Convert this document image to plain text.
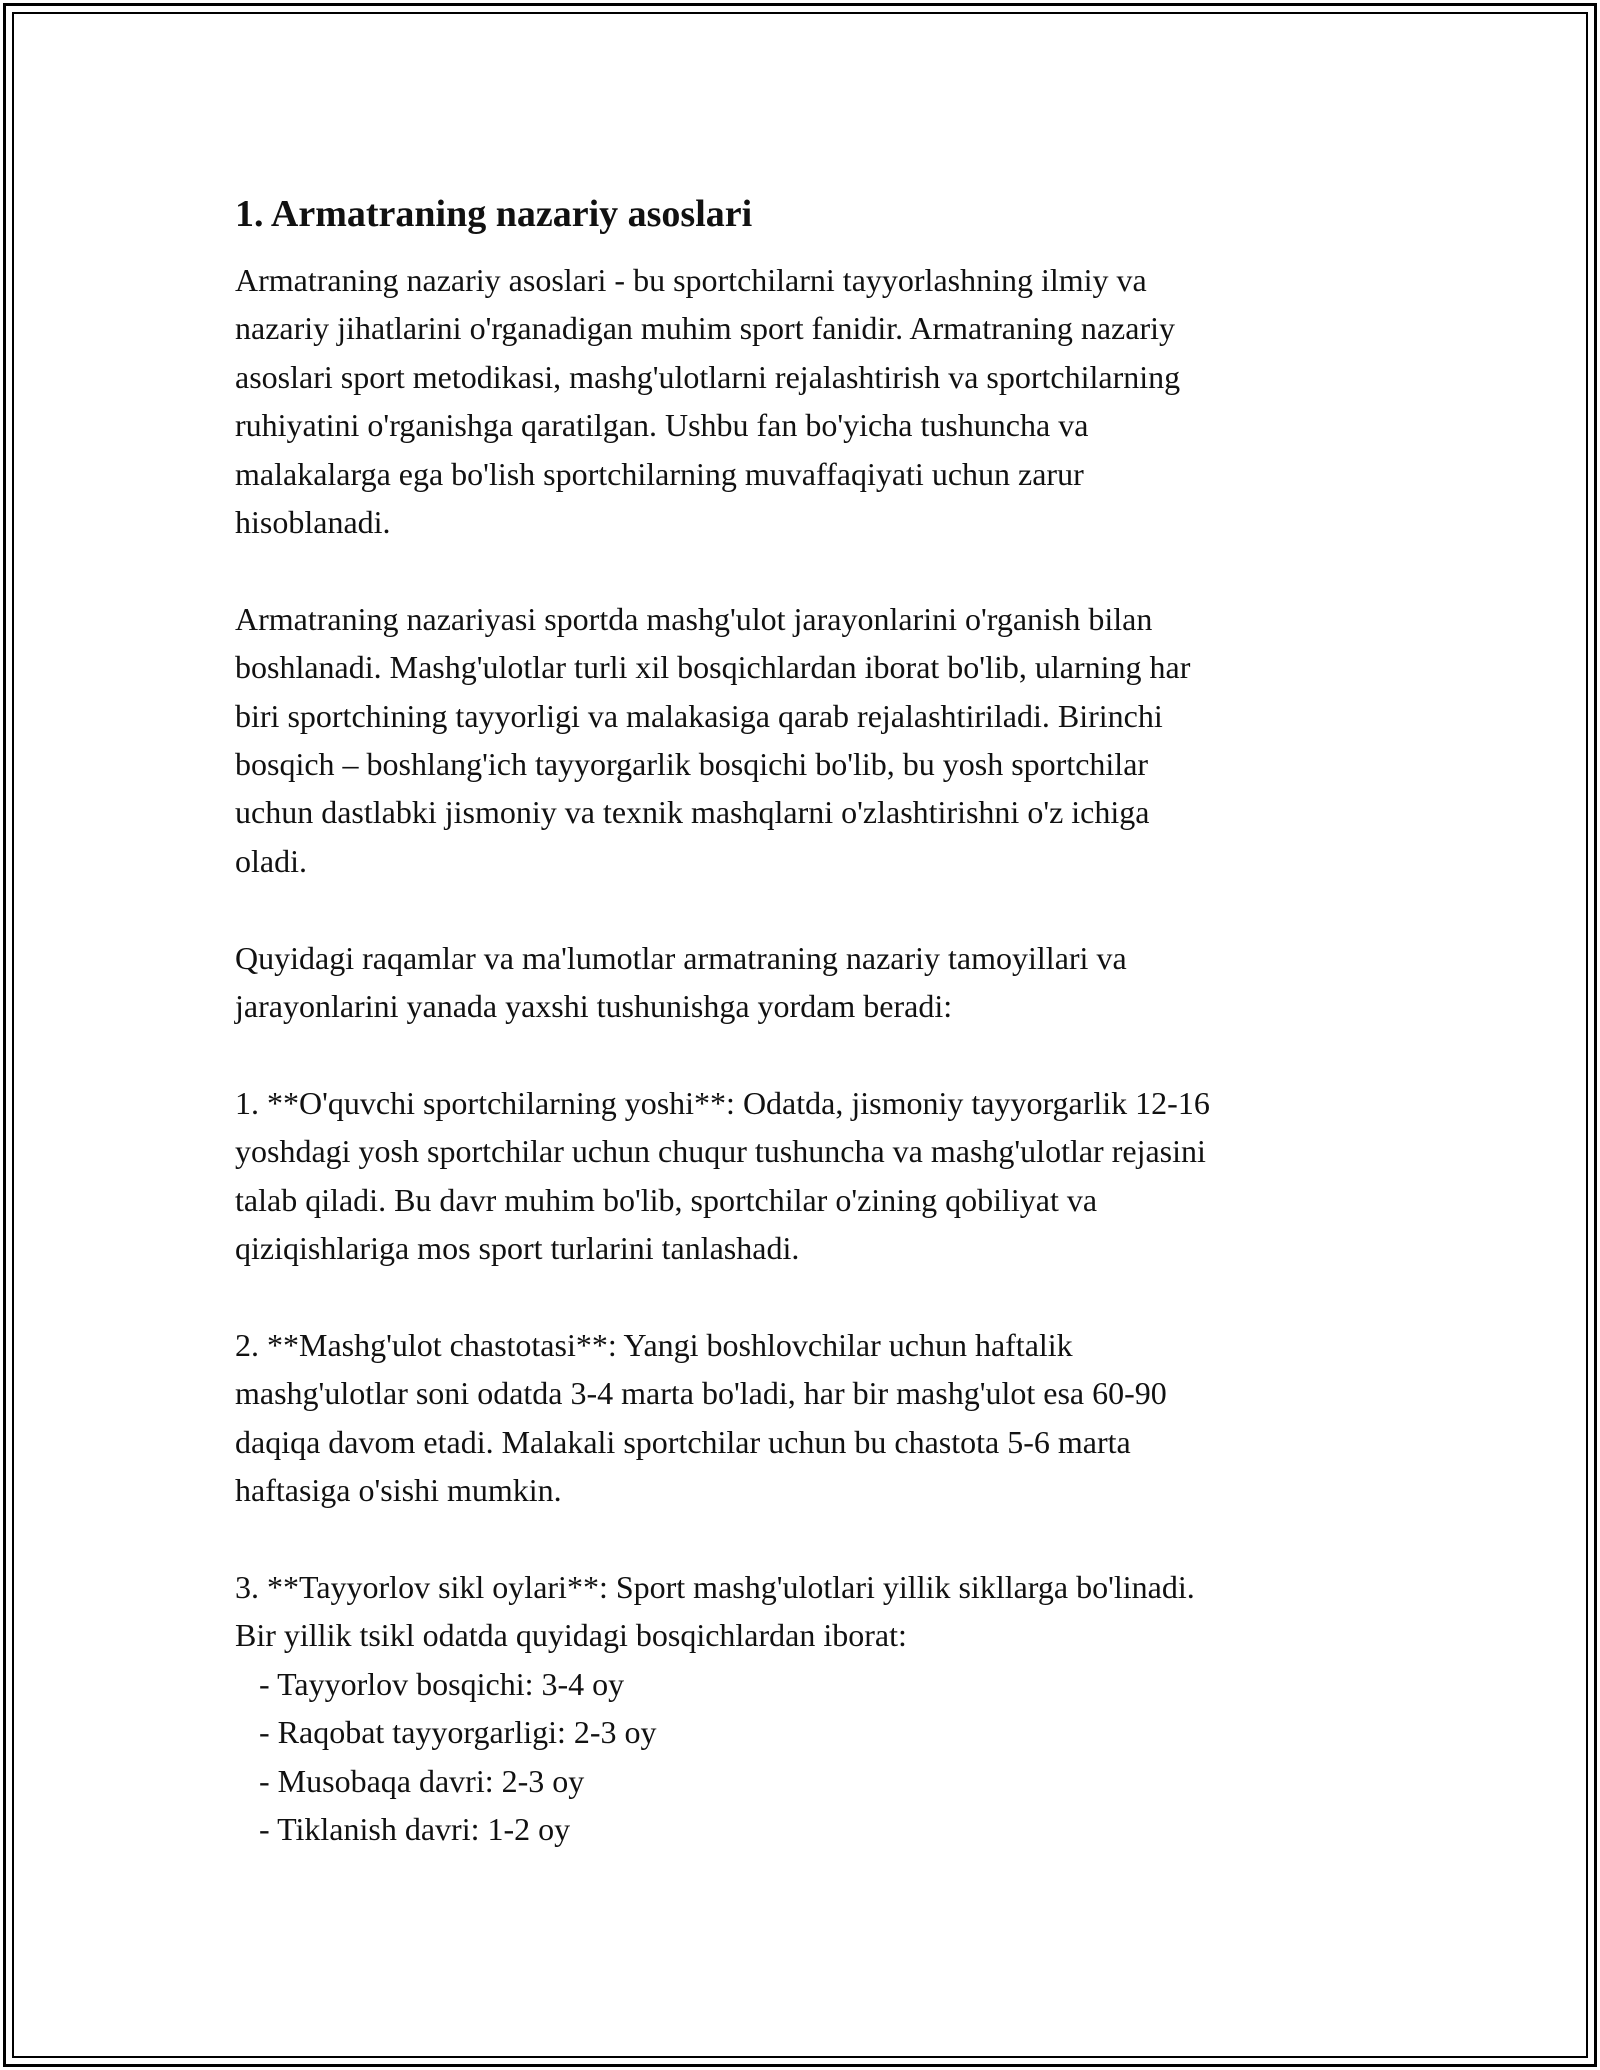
1. Armatraning nazariy asoslari

Armatraning nazariy asoslari - bu sportchilarni tayyorlashning ilmiy va
nazariy jihatlarini o'rganadigan muhim sport fanidir. Armatraning nazariy
asoslari sport metodikasi, mashg'ulotlarni rejalashtirish va sportchilarning
ruhiyatini o'rganishga qaratilgan. Ushbu fan bo'yicha tushuncha va
malakalarga ega bo'lish sportchilarning muvaffaqiyati uchun zarur
hisoblanadi.

Armatraning nazariyasi sportda mashg'ulot jarayonlarini o'rganish bilan
boshlanadi. Mashg'ulotlar turli xil bosqichlardan iborat bo'lib, ularning har
biri sportchining tayyorligi va malakasiga qarab rejalashtiriladi. Birinchi
bosqich – boshlang'ich tayyorgarlik bosqichi bo'lib, bu yosh sportchilar
uchun dastlabki jismoniy va texnik mashqlarni o'zlashtirishni o'z ichiga
oladi.

Quyidagi raqamlar va ma'lumotlar armatraning nazariy tamoyillari va
jarayonlarini yanada yaxshi tushunishga yordam beradi:

1. **O'quvchi sportchilarning yoshi**: Odatda, jismoniy tayyorgarlik 12-16
yoshdagi yosh sportchilar uchun chuqur tushuncha va mashg'ulotlar rejasini
talab qiladi. Bu davr muhim bo'lib, sportchilar o'zining qobiliyat va
qiziqishlariga mos sport turlarini tanlashadi.

2. **Mashg'ulot chastotasi**: Yangi boshlovchilar uchun haftalik
mashg'ulotlar soni odatda 3-4 marta bo'ladi, har bir mashg'ulot esa 60-90
daqiqa davom etadi. Malakali sportchilar uchun bu chastota 5-6 marta
haftasiga o'sishi mumkin.

3. **Tayyorlov sikl oylari**: Sport mashg'ulotlari yillik sikllarga bo'linadi.
Bir yillik tsikl odatda quyidagi bosqichlardan iborat:
- Tayyorlov bosqichi: 3-4 oy
- Raqobat tayyorgarligi: 2-3 oy
- Musobaqa davri: 2-3 oy
- Tiklanish davri: 1-2 oy
